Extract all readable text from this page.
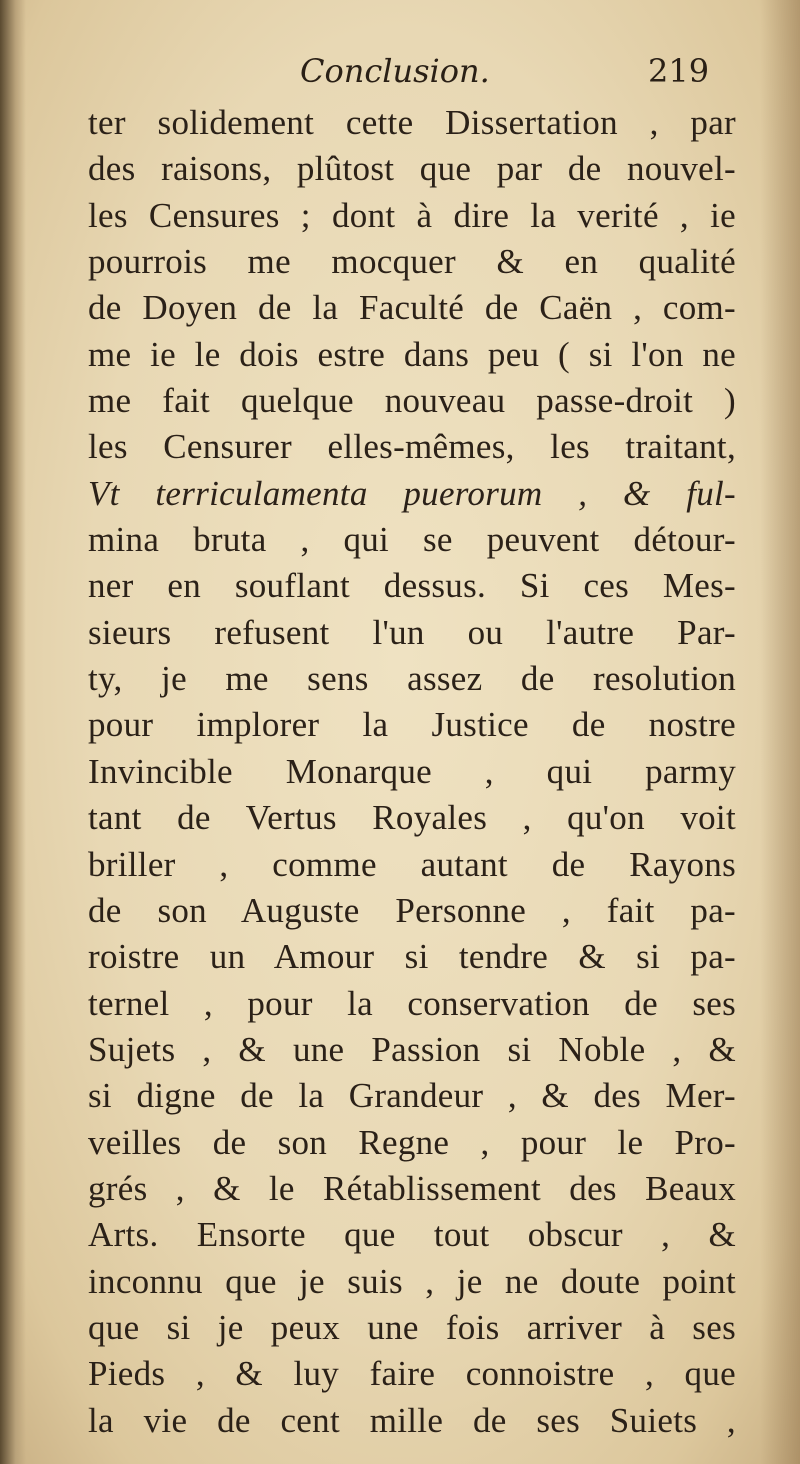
Conclusion.	219
ter solidement cette Dissertation , par
des raisons, plûtost que par de nouvel-
les Censures ; dont à dire la verité , ie
pourrois me mocquer & en qualité
de Doyen de la Faculté de Caën , com-
me ie le dois estre dans peu ( si l'on ne
me fait quelque nouveau passe-droit )
les Censurer elles-mêmes, les traitant,
Vt terriculamenta puerorum , & ful-
mina bruta , qui se peuvent détour-
ner en souflant dessus. Si ces Mes-
sieurs refusent l'un ou l'autre Par-
ty, je me sens assez de resolution
pour implorer la Justice de nostre
Invincible Monarque , qui parmy
tant de Vertus Royales , qu'on voit
briller , comme autant de Rayons
de son Auguste Personne , fait pa-
roistre un Amour si tendre & si pa-
ternel , pour la conservation de ses
Sujets , & une Passion si Noble , &
si digne de la Grandeur , & des Mer-
veilles de son Regne , pour le Pro-
grés , & le Rétablissement des Beaux
Arts. Ensorte que tout obscur , &
inconnu que je suis , je ne doute point
que si je peux une fois arriver à ses
Pieds , & luy faire connoistre , que
la vie de cent mille de ses Suiets ,
